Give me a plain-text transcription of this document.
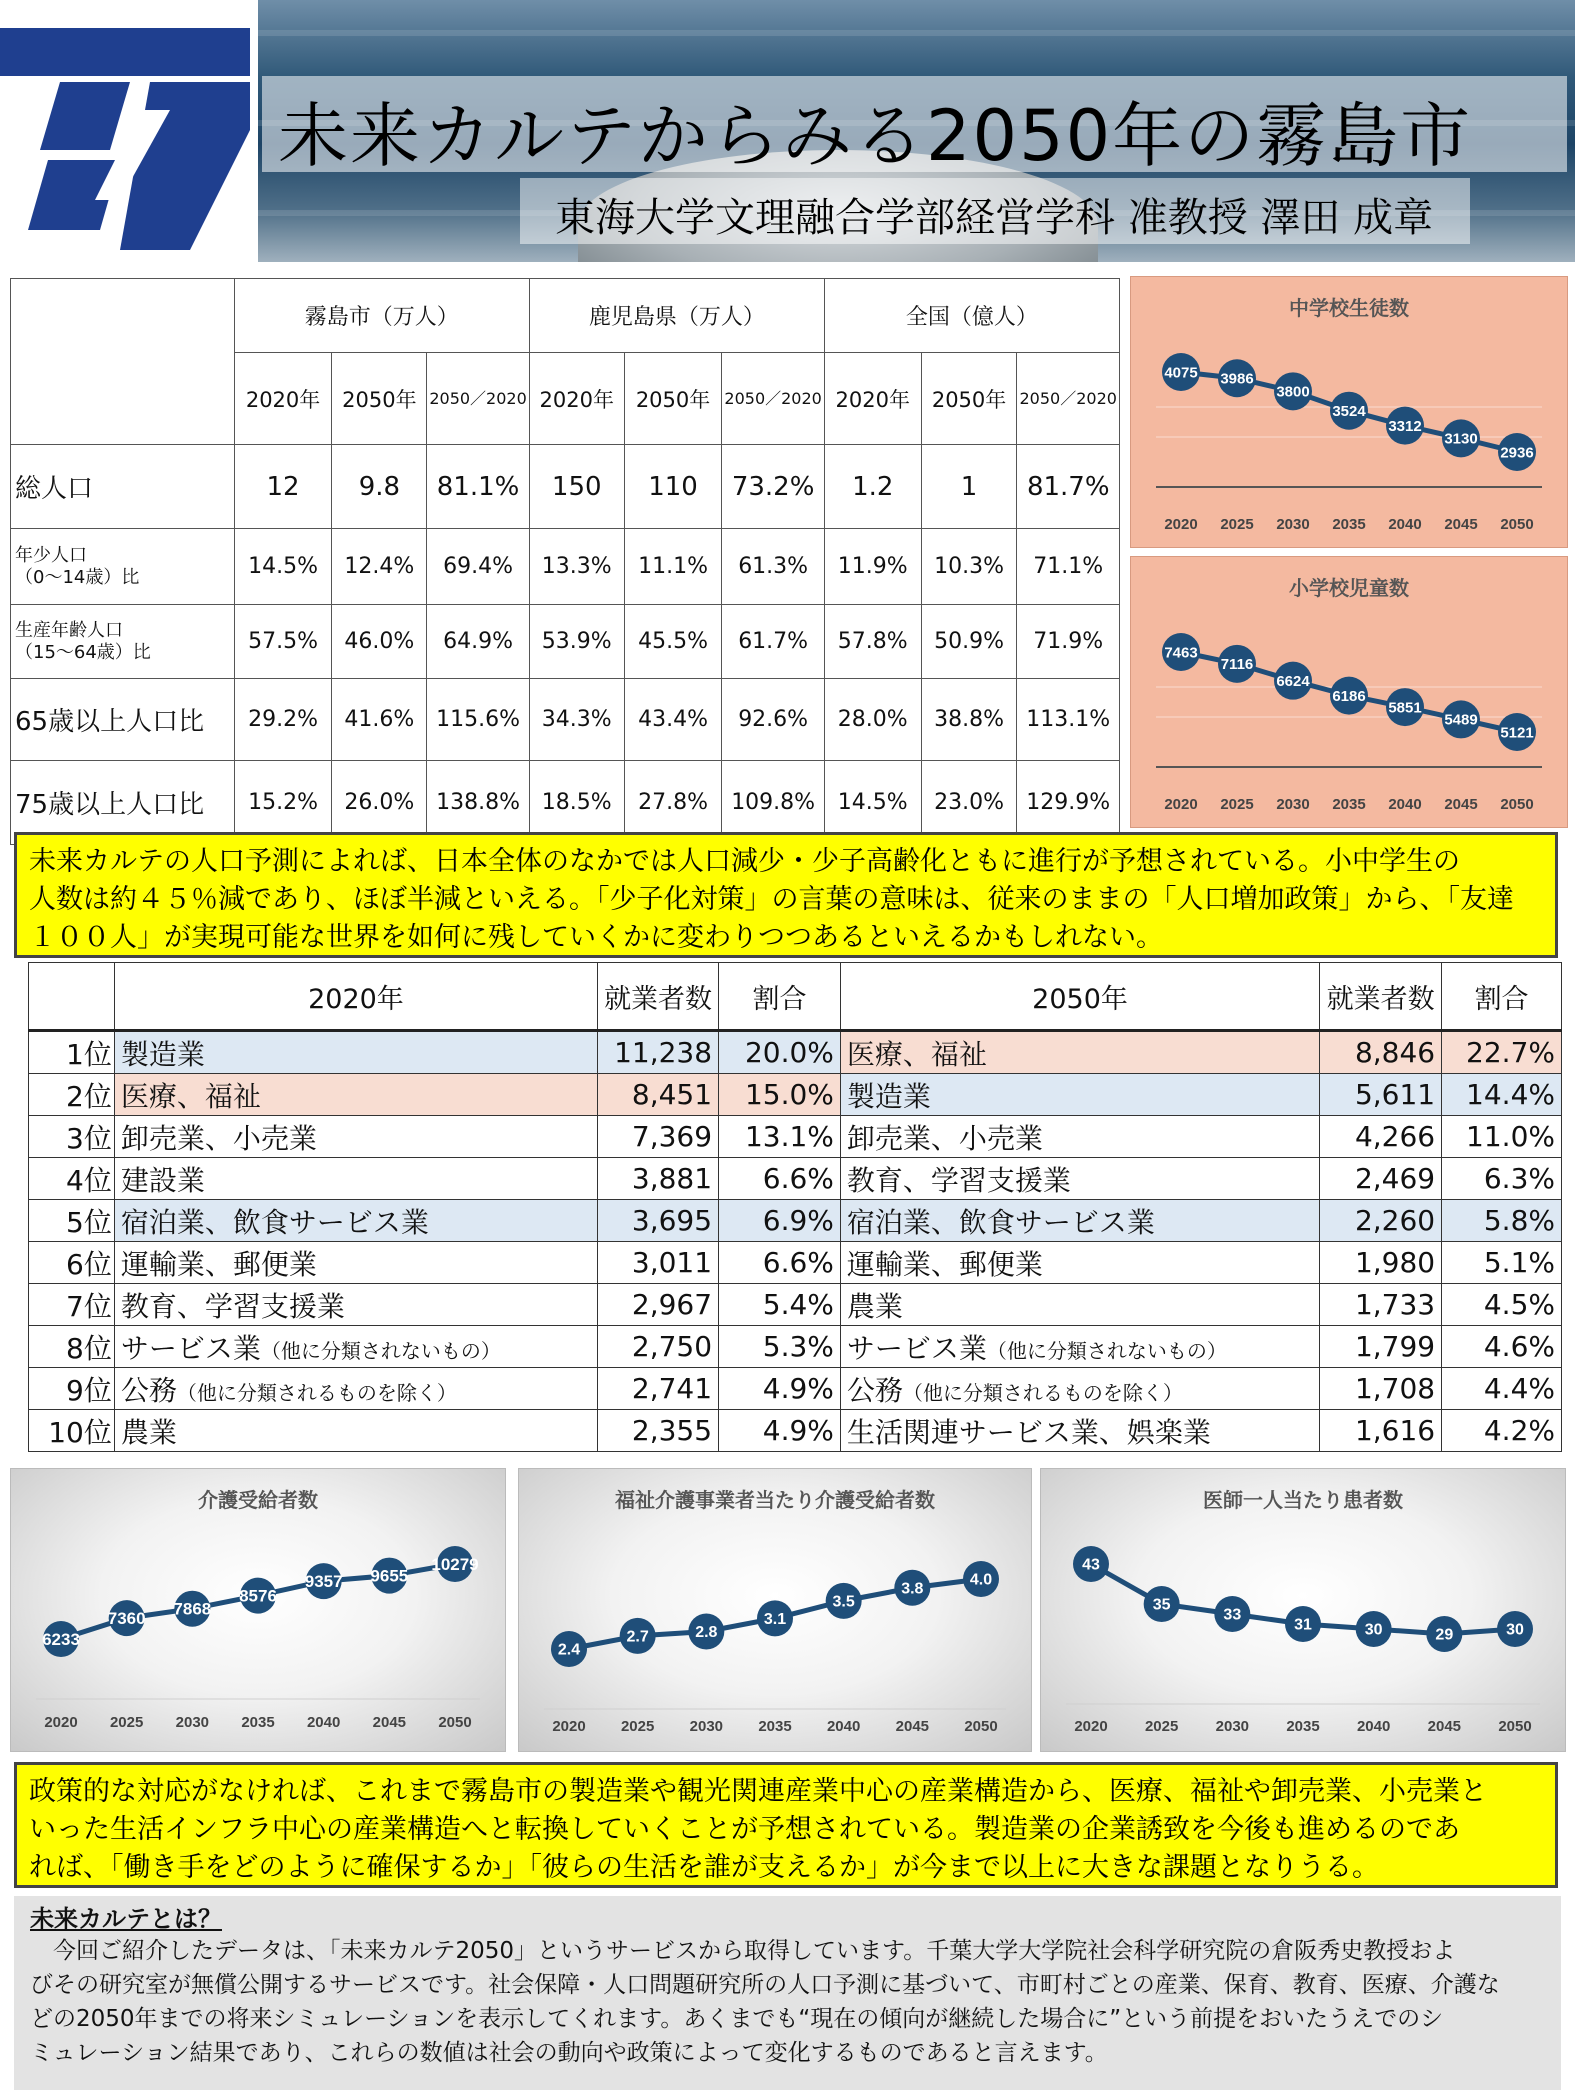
未来カルテからみる2050年の霧島市
東海大学文理融合学部経営学科 准教授 澤田 成章
	霧島市（万人）			鹿児島県（万人）			全国（億人）		
	2020年	2050年	2050／2020	2020年	2050年	2050／2020	2020年	2050年	2050／2020
総人口	12	9.8	81.1%	150	110	73.2%	1.2	1	81.7%
年少人口
（0～14歳）比	14.5%	12.4%	69.4%	13.3%	11.1%	61.3%	11.9%	10.3%	71.1%
生産年齢人口
（15～64歳）比	57.5%	46.0%	64.9%	53.9%	45.5%	61.7%	57.8%	50.9%	71.9%
65歳以上人口比	29.2%	41.6%	115.6%	34.3%	43.4%	92.6%	28.0%	38.8%	113.1%
75歳以上人口比	15.2%	26.0%	138.8%	18.5%	27.8%	109.8%	14.5%	23.0%	129.9%
中学校生徒数
4075
2020
3986
2025
3800
2030
3524
2035
3312
2040
3130
2045
2936
2050
小学校児童数
7463
2020
7116
2025
6624
2030
6186
2035
5851
2040
5489
2045
5121
2050

未来カルテの人口予測によれば、日本全体のなかでは人口減少・少子高齢化ともに進行が予想されている。小中学生の

人数は約４５％減であり、ほぼ半減といえる。「少子化対策」の言葉の意味は、従来のままの「人口増加政策」から、「友達

１００人」が実現可能な世界を如何に残していくかに変わりつつあるといえるかもしれない。

	2020年	就業者数	割合	2050年	就業者数	割合
1位	製造業	11,238	20.0%	医療、福祉	8,846	22.7%
2位	医療、福祉	8,451	15.0%	製造業	5,611	14.4%
3位	卸売業、小売業	7,369	13.1%	卸売業、小売業	4,266	11.0%
4位	建設業	3,881	6.6%	教育、学習支援業	2,469	6.3%
5位	宿泊業、飲食サービス業	3,695	6.9%	宿泊業、飲食サービス業	2,260	5.8%
6位	運輸業、郵便業	3,011	6.6%	運輸業、郵便業	1,980	5.1%
7位	教育、学習支援業	2,967	5.4%	農業	1,733	4.5%
8位	サービス業（他に分類されないもの）	2,750	5.3%	サービス業（他に分類されないもの）	1,799	4.6%
9位	公務（他に分類されるものを除く）	2,741	4.9%	公務（他に分類されるものを除く）	1,708	4.4%
10位	農業	2,355	4.9%	生活関連サービス業、娯楽業	1,616	4.2%
介護受給者数
6233
2020
7360
2025
7868
2030
8576
2035
9357
2040
9655
2045
10279
2050
福祉介護事業者当たり介護受給者数
2.4
2020
2.7
2025
2.8
2030
3.1
2035
3.5
2040
3.8
2045
4.0
2050
医師一人当たり患者数
43
2020
35
2025
33
2030
31
2035
30
2040
29
2045
30
2050

政策的な対応がなければ、これまで霧島市の製造業や観光関連産業中心の産業構造から、医療、福祉や卸売業、小売業と

いった生活インフラ中心の産業構造へと転換していくことが予想されている。製造業の企業誘致を今後も進めるのであ

れば、「働き手をどのように確保するか」「彼らの生活を誰が支えるか」が今まで以上に大きな課題となりうる。

未来カルテとは？

今回ご紹介したデータは、「未来カルテ2050」というサービスから取得しています。千葉大学大学院社会科学研究院の倉阪秀史教授およ

びその研究室が無償公開するサービスです。社会保障・人口問題研究所の人口予測に基づいて、市町村ごとの産業、保育、教育、医療、介護な

どの2050年までの将来シミュレーションを表示してくれます。あくまでも“現在の傾向が継続した場合に”という前提をおいたうえでのシ

ミュレーション結果であり、これらの数値は社会の動向や政策によって変化するものであると言えます。
